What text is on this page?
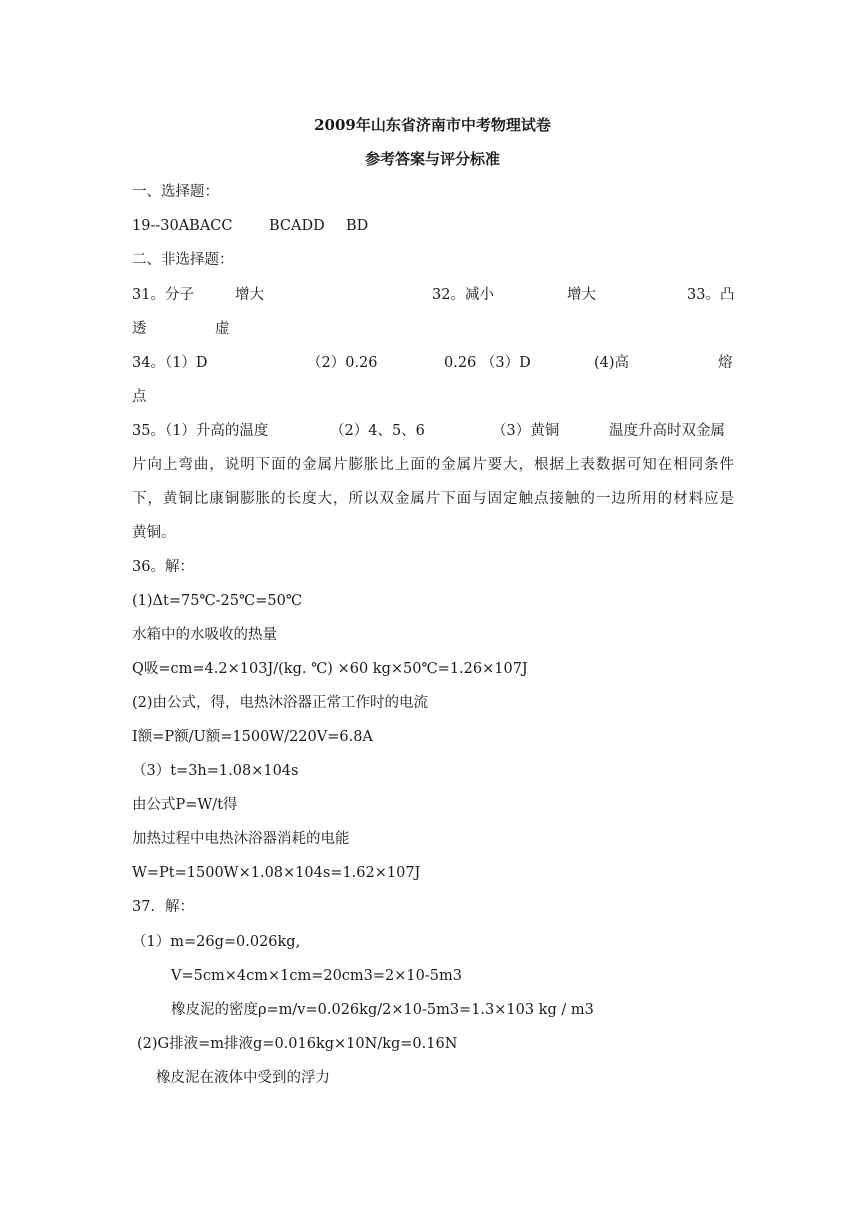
2009年山东省济南市中考物理试卷
参考答案与评分标准
一、选择题：
19--30ABACC	BCADD BD
二、非选择题：
31。分子	增大	32。减小	增大	33。凸
透	虚
34。（1）D	（2）0.26	0.26 （3）D	(4)高	熔
点
35。（1）升高的温度	（2）4、5、6	（3）黄铜	温度升高时双金属
片向上弯曲，说明下面的金属片膨胀比上面的金属片要大，根据上表数据可知在相同条件
下，黄铜比康铜膨胀的长度大，所以双金属片下面与固定触点接触的一边所用的材料应是
黄铜。
36。解：
(1)Δt=75℃-25℃=50℃
水箱中的水吸收的热量
Q吸=cm=4.2×103J/(kg. ℃) ×60 kg×50℃=1.26×107J
(2)由公式，得，电热沐浴器正常工作时的电流
I额=P额/U额=1500W/220V=6.8A
（3）t=3h=1.08×104s
由公式P=W/t得
加热过程中电热沐浴器消耗的电能
W=Pt=1500W×1.08×104s=1.62×107J
37．解：
（1）m=26g=0.026kg,
V=5cm×4cm×1cm=20cm3=2×10-5m3
橡皮泥的密度ρ=m/v=0.026kg/2×10-5m3=1.3×103 kg / m3
(2)G排液=m排液g=0.016kg×10N/kg=0.16N
橡皮泥在液体中受到的浮力
